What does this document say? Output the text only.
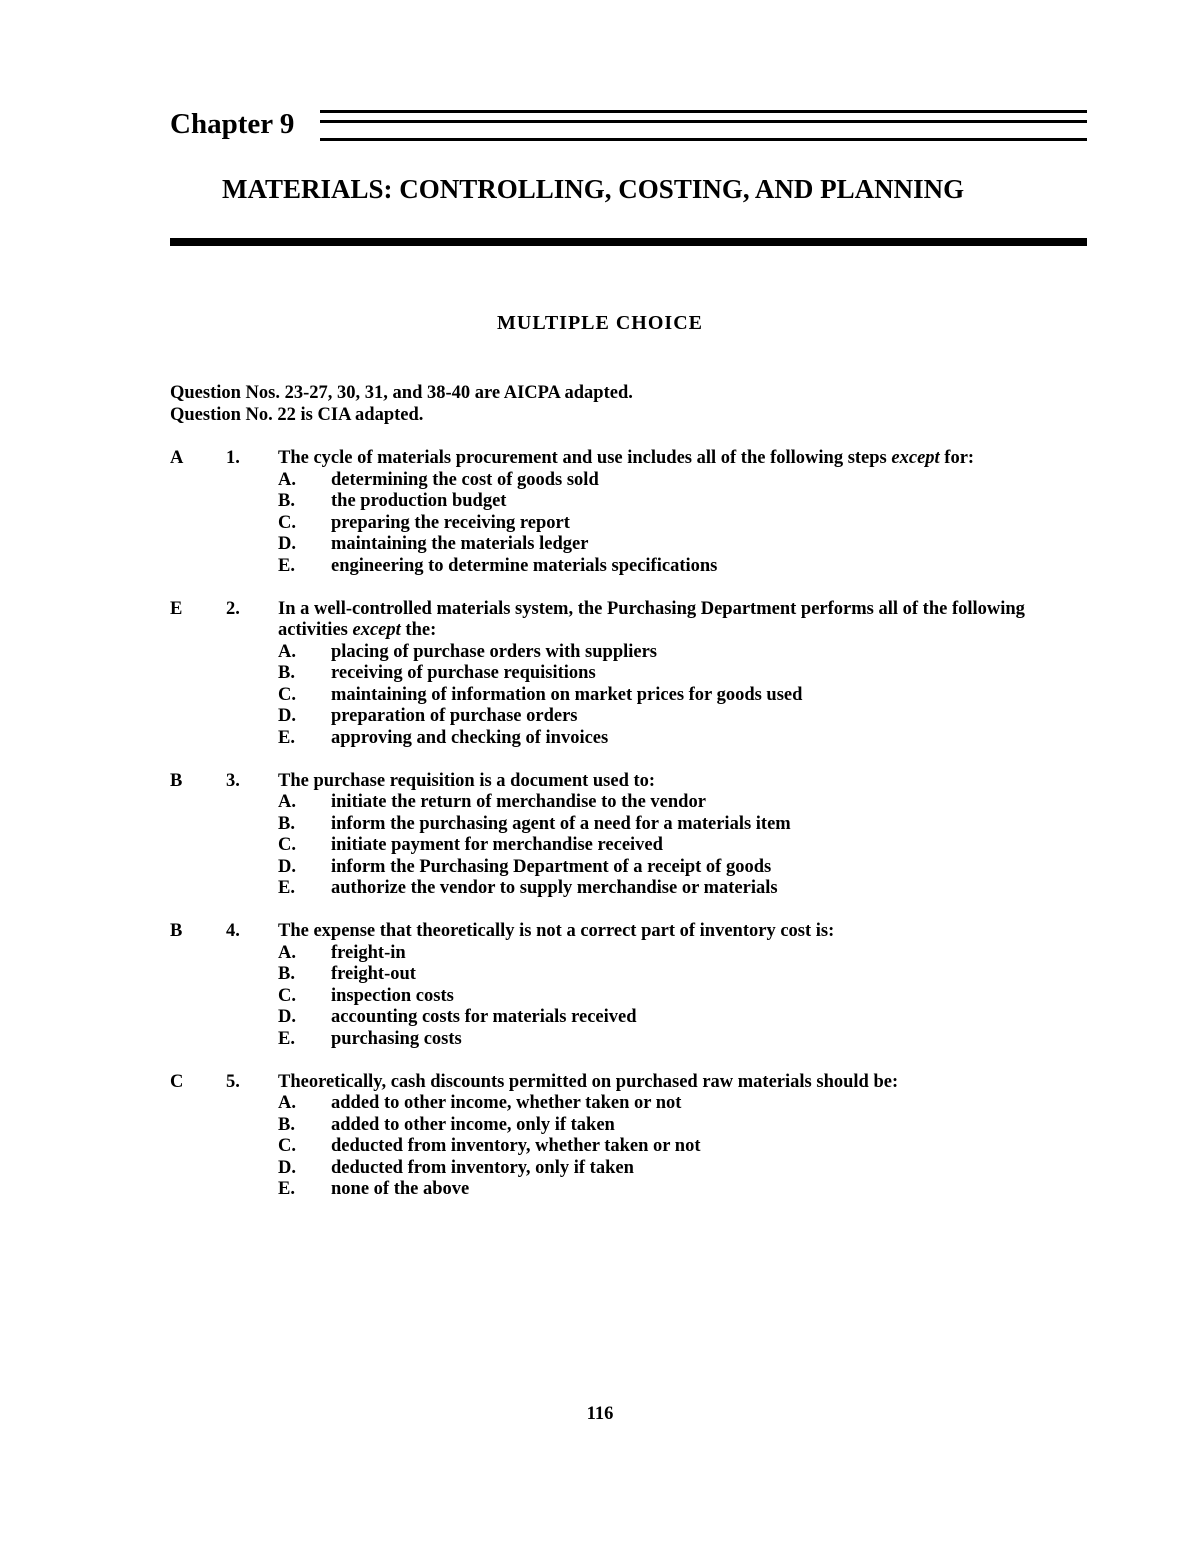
Chapter 9
MATERIALS: CONTROLLING, COSTING, AND PLANNING
MULTIPLE CHOICE
Question Nos. 23-27, 30, 31, and 38-40 are AICPA adapted.
Question No. 22 is CIA adapted.
A 1. The cycle of materials procurement and use includes all of the following steps except for:
A. determining the cost of goods sold
B. the production budget
C. preparing the receiving report
D. maintaining the materials ledger
E. engineering to determine materials specifications
E 2. In a well-controlled materials system, the Purchasing Department performs all of the following activities except the:
A. placing of purchase orders with suppliers
B. receiving of purchase requisitions
C. maintaining of information on market prices for goods used
D. preparation of purchase orders
E. approving and checking of invoices
B 3. The purchase requisition is a document used to:
A. initiate the return of merchandise to the vendor
B. inform the purchasing agent of a need for a materials item
C. initiate payment for merchandise received
D. inform the Purchasing Department of a receipt of goods
E. authorize the vendor to supply merchandise or materials
B 4. The expense that theoretically is not a correct part of inventory cost is:
A. freight-in
B. freight-out
C. inspection costs
D. accounting costs for materials received
E. purchasing costs
C 5. Theoretically, cash discounts permitted on purchased raw materials should be:
A. added to other income, whether taken or not
B. added to other income, only if taken
C. deducted from inventory, whether taken or not
D. deducted from inventory, only if taken
E. none of the above
116
